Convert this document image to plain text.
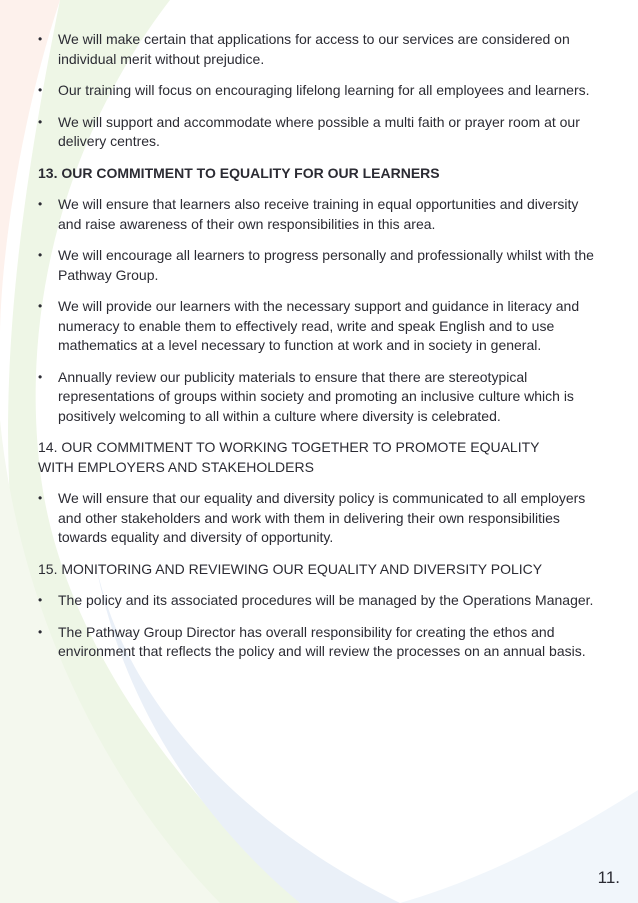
• We will make certain that applications for access to our services are considered on individual merit without prejudice.
• Our training will focus on encouraging lifelong learning for all employees and learners.
• We will support and accommodate where possible a multi faith or prayer room at our delivery centres.
13. OUR COMMITMENT TO EQUALITY FOR OUR LEARNERS
• We will ensure that learners also receive training in equal opportunities and diversity and raise awareness of their own responsibilities in this area.
• We will encourage all learners to progress personally and professionally whilst with the Pathway Group.
• We will provide our learners with the necessary support and guidance in literacy and numeracy to enable them to effectively read, write and speak English and to use mathematics at a level necessary to function at work and in society in general.
• Annually review our publicity materials to ensure that there are stereotypical representations of groups within society and promoting an inclusive culture which is positively welcoming to all within a culture where diversity is celebrated.
14. OUR COMMITMENT TO WORKING TOGETHER TO PROMOTE EQUALITY WITH EMPLOYERS AND STAKEHOLDERS
• We will ensure that our equality and diversity policy is communicated to all employers and other stakeholders and work with them in delivering their own responsibilities towards equality and diversity of opportunity.
15. MONITORING AND REVIEWING OUR EQUALITY AND DIVERSITY POLICY
• The policy and its associated procedures will be managed by the Operations Manager.
• The Pathway Group Director has overall responsibility for creating the ethos and environment that reflects the policy and will review the processes on an annual basis.
11.
